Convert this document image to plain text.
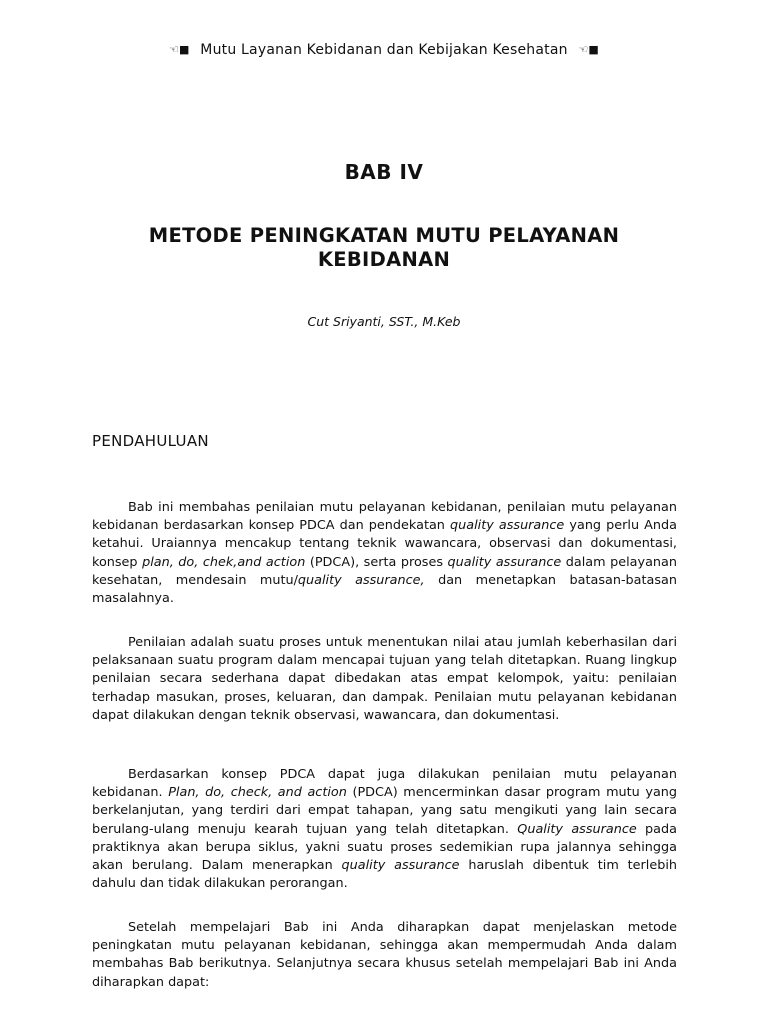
☜■ Mutu Layanan Kebidanan dan Kebijakan Kesehatan ☜■
BAB IV
METODE PENINGKATAN MUTU PELAYANAN
KEBIDANAN
Cut Sriyanti, SST., M.Keb
PENDAHULUAN

Bab ini membahas penilaian mutu pelayanan kebidanan, penilaian mutu pelayanan kebidanan berdasarkan konsep PDCA dan pendekatan quality assurance yang perlu Anda ketahui. Uraiannya mencakup tentang teknik wawancara, observasi dan dokumentasi, konsep plan, do, chek,and action (PDCA), serta proses quality assurance dalam pelayanan kesehatan, mendesain mutu/quality assurance, dan menetapkan batasan-batasan masalahnya.

Penilaian adalah suatu proses untuk menentukan nilai atau jumlah keberhasilan dari pelaksanaan suatu program dalam mencapai tujuan yang telah ditetapkan. Ruang lingkup penilaian secara sederhana dapat dibedakan atas empat kelompok, yaitu: penilaian terhadap masukan, proses, keluaran, dan dampak. Penilaian mutu pelayanan kebidanan dapat dilakukan dengan teknik observasi, wawancara, dan dokumentasi.

Berdasarkan konsep PDCA dapat juga dilakukan penilaian mutu pelayanan kebidanan. Plan, do, check, and action (PDCA) mencerminkan dasar program mutu yang berkelanjutan, yang terdiri dari empat tahapan, yang satu mengikuti yang lain secara berulang-ulang menuju kearah tujuan yang telah ditetapkan. Quality assurance pada praktiknya akan berupa siklus, yakni suatu proses sedemikian rupa jalannya sehingga akan berulang. Dalam menerapkan quality assurance haruslah dibentuk tim terlebih dahulu dan tidak dilakukan perorangan.

Setelah mempelajari Bab ini Anda diharapkan dapat menjelaskan metode peningkatan mutu pelayanan kebidanan, sehingga akan mempermudah Anda dalam membahas Bab berikutnya. Selanjutnya secara khusus setelah mempelajari Bab ini Anda diharapkan dapat:
